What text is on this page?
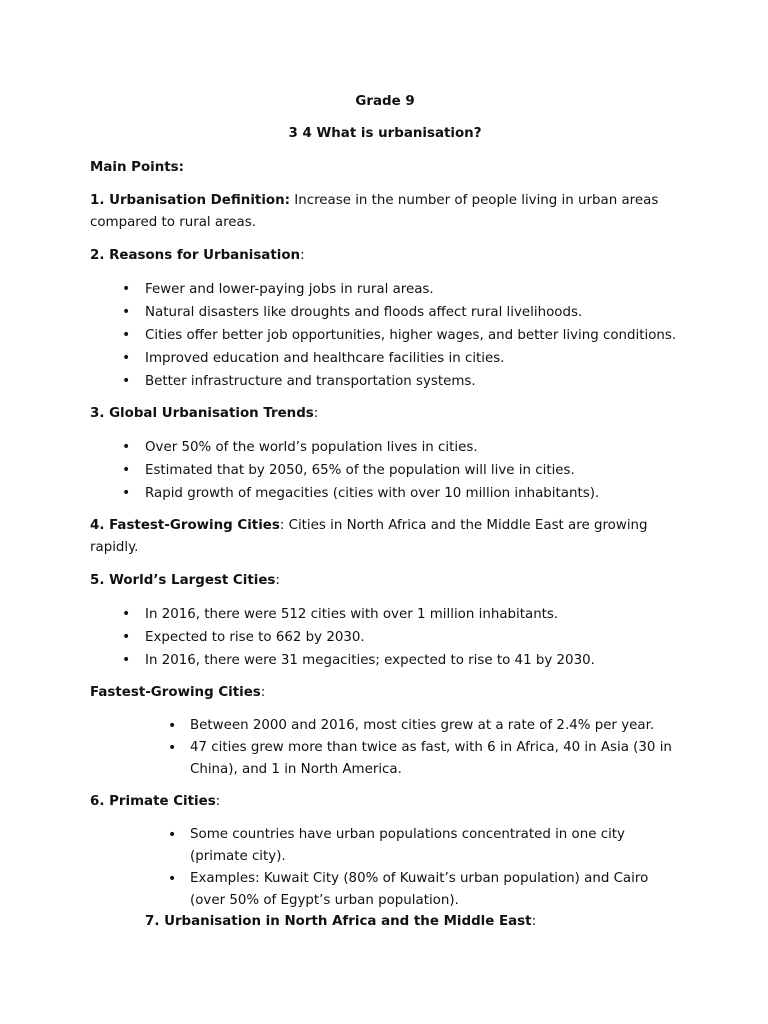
Grade 9

3 4 What is urbanisation?

Main Points:

1. Urbanisation Definition: Increase in the number of people living in urban areas compared to rural areas.

2. Reasons for Urbanisation:

• Fewer and lower-paying jobs in rural areas.
• Natural disasters like droughts and floods affect rural livelihoods.
• Cities offer better job opportunities, higher wages, and better living conditions.
• Improved education and healthcare facilities in cities.
• Better infrastructure and transportation systems.

3. Global Urbanisation Trends:

• Over 50% of the world’s population lives in cities.
• Estimated that by 2050, 65% of the population will live in cities.
• Rapid growth of megacities (cities with over 10 million inhabitants).

4. Fastest-Growing Cities: Cities in North Africa and the Middle East are growing rapidly.

5. World’s Largest Cities:

• In 2016, there were 512 cities with over 1 million inhabitants.
• Expected to rise to 662 by 2030.
• In 2016, there were 31 megacities; expected to rise to 41 by 2030.

Fastest-Growing Cities:

• Between 2000 and 2016, most cities grew at a rate of 2.4% per year.
• 47 cities grew more than twice as fast, with 6 in Africa, 40 in Asia (30 in China), and 1 in North America.

6. Primate Cities:

• Some countries have urban populations concentrated in one city (primate city).
• Examples: Kuwait City (80% of Kuwait’s urban population) and Cairo (over 50% of Egypt’s urban population).

7. Urbanisation in North Africa and the Middle East:
